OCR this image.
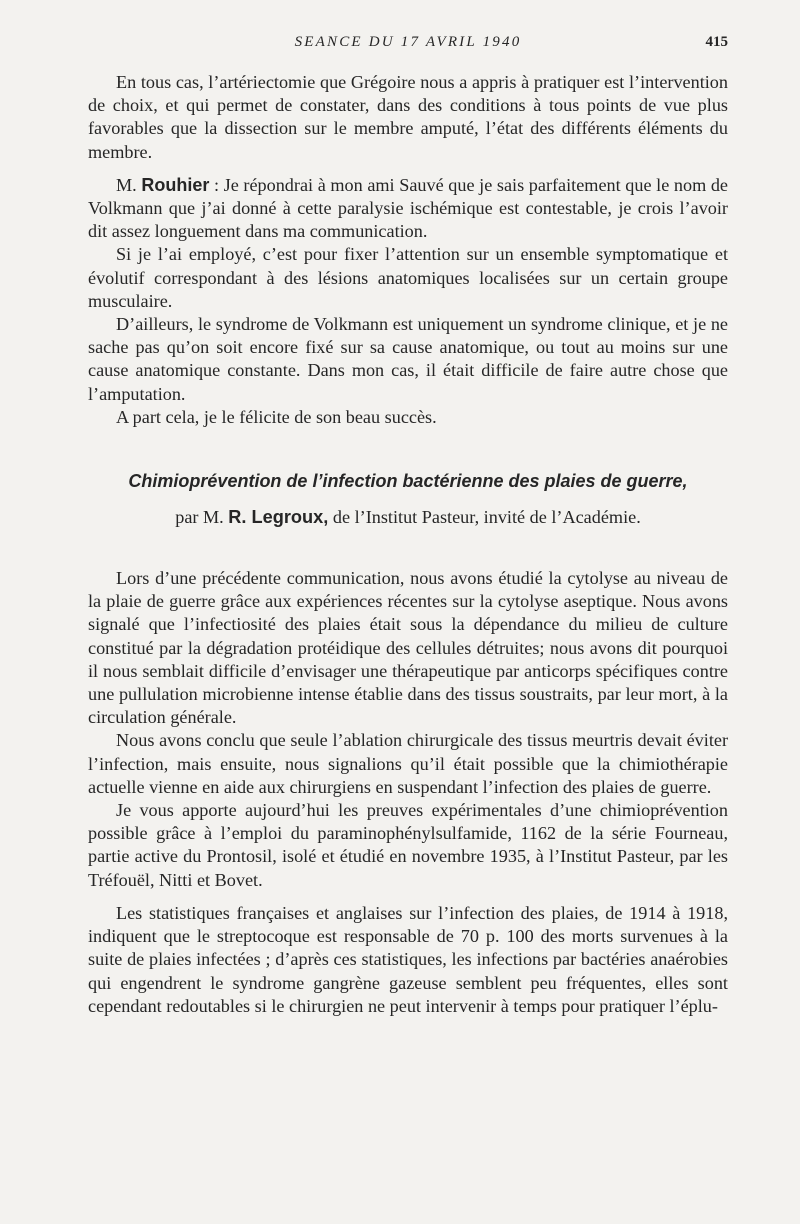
SEANCE DU 17 AVRIL 1940	415

En tous cas, l’artériectomie que Grégoire nous a appris à pratiquer est l’intervention de choix, et qui permet de constater, dans des conditions à tous points de vue plus favorables que la dissection sur le membre amputé, l’état des différents éléments du membre.

M. Rouhier : Je répondrai à mon ami Sauvé que je sais parfaitement que le nom de Volkmann que j’ai donné à cette paralysie ischémique est contestable, je crois l’avoir dit assez longuement dans ma communication.

Si je l’ai employé, c’est pour fixer l’attention sur un ensemble symptomatique et évolutif correspondant à des lésions anatomiques localisées sur un certain groupe musculaire.

D’ailleurs, le syndrome de Volkmann est uniquement un syndrome clinique, et je ne sache pas qu’on soit encore fixé sur sa cause anatomique, ou tout au moins sur une cause anatomique constante. Dans mon cas, il était difficile de faire autre chose que l’amputation.

A part cela, je le félicite de son beau succès.

Chimioprévention de l’infection bactérienne des plaies de guerre,

par M. R. Legroux, de l’Institut Pasteur, invité de l’Académie.

Lors d’une précédente communication, nous avons étudié la cytolyse au niveau de la plaie de guerre grâce aux expériences récentes sur la cytolyse aseptique. Nous avons signalé que l’infectiosité des plaies était sous la dépendance du milieu de culture constitué par la dégradation protéidique des cellules détruites; nous avons dit pourquoi il nous semblait difficile d’envisager une thérapeutique par anticorps spécifiques contre une pullulation microbienne intense établie dans des tissus soustraits, par leur mort, à la circulation générale.

Nous avons conclu que seule l’ablation chirurgicale des tissus meurtris devait éviter l’infection, mais ensuite, nous signalions qu’il était possible que la chimiothérapie actuelle vienne en aide aux chirurgiens en suspendant l’infection des plaies de guerre.

Je vous apporte aujourd’hui les preuves expérimentales d’une chimioprévention possible grâce à l’emploi du paraminophénylsulfamide, 1162 de la série Fourneau, partie active du Prontosil, isolé et étudié en novembre 1935, à l’Institut Pasteur, par les Tréfouël, Nitti et Bovet.

Les statistiques françaises et anglaises sur l’infection des plaies, de 1914 à 1918, indiquent que le streptocoque est responsable de 70 p. 100 des morts survenues à la suite de plaies infectées ; d’après ces statistiques, les infections par bactéries anaérobies qui engendrent le syndrome gangrène gazeuse semblent peu fréquentes, elles sont cependant redoutables si le chirurgien ne peut intervenir à temps pour pratiquer l’éplu-
